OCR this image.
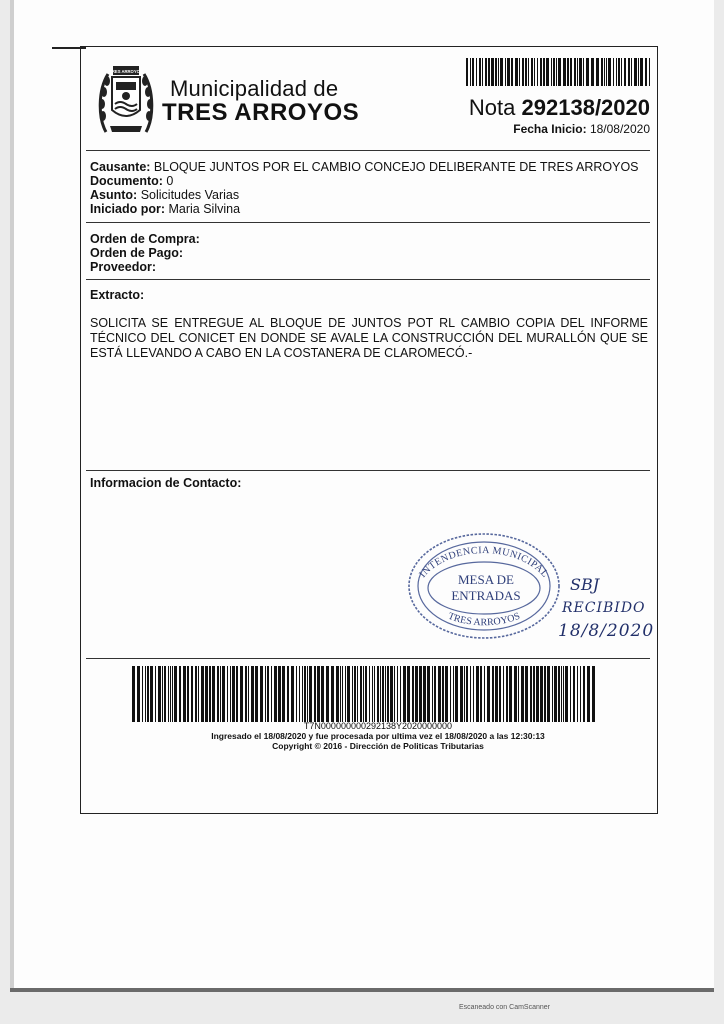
TRES ARROYOS
Municipalidad de
TRES ARROYOS	Nota 292138/2020
Fecha Inicio: 18/08/2020
Causante: BLOQUE JUNTOS POR EL CAMBIO CONCEJO DELIBERANTE DE TRES ARROYOS
Documento: 0
Asunto: Solicitudes Varias
Iniciado por: Maria Silvina
Orden de Compra:
Orden de Pago:
Proveedor:
Extracto:
SOLICITA SE ENTREGUE AL BLOQUE DE JUNTOS POT RL CAMBIO COPIA DEL INFORME TÉCNICO DEL CONICET EN DONDE SE AVALE LA CONSTRUCCIÓN DEL MURALLÓN QUE SE ESTÁ LLEVANDO A CABO EN LA COSTANERA DE CLAROMECÓ.-
Informacion de Contacto:
INTENDENCIA MUNICIPAL
MESA DE
ENTRADAS
TRES ARROYOS
SBJ
RECIBIDO
18/8/2020
T7N000000000292138Y2020000000
Ingresado el 18/08/2020 y fue procesada por ultima vez el 18/08/2020 a las 12:30:13
Copyright © 2016 - Dirección de Politicas Tributarias
Escaneado con CamScanner
